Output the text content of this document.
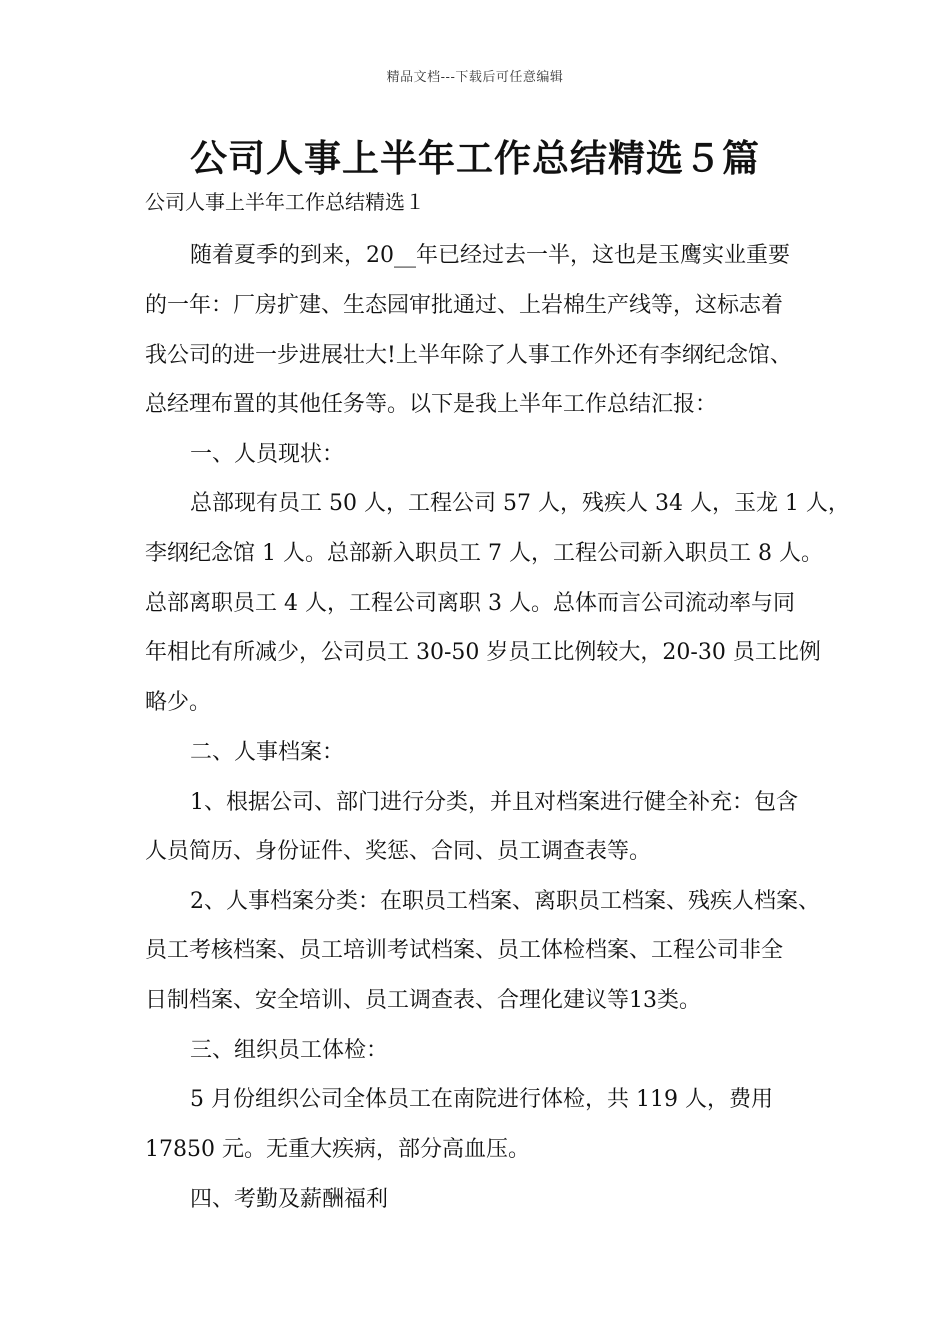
精品文档---下载后可任意编辑
公司人事上半年工作总结精选５篇
公司人事上半年工作总结精选１
随着夏季的到来，20__年已经过去一半，这也是玉鹰实业重要
的一年：厂房扩建、生态园审批通过、上岩棉生产线等，这标志着
我公司的进一步进展壮大!上半年除了人事工作外还有李纲纪念馆、
总经理布置的其他任务等。以下是我上半年工作总结汇报：
一、人员现状：
总部现有员工 50 人，工程公司 57 人，残疾人 34 人，玉龙 1 人，
李纲纪念馆 1 人。总部新入职员工 7 人，工程公司新入职员工 8 人。
总部离职员工 4 人，工程公司离职 3 人。总体而言公司流动率与同
年相比有所减少，公司员工 30-50 岁员工比例较大，20-30 员工比例
略少。
二、人事档案：
1、根据公司、部门进行分类，并且对档案进行健全补充：包含
人员简历、身份证件、奖惩、合同、员工调查表等。
2、人事档案分类：在职员工档案、离职员工档案、残疾人档案、
员工考核档案、员工培训考试档案、员工体检档案、工程公司非全
日制档案、安全培训、员工调查表、合理化建议等13类。
三、组织员工体检：
5 月份组织公司全体员工在南院进行体检，共 119 人，费用
17850 元。无重大疾病，部分高血压。
四、考勤及薪酬福利
